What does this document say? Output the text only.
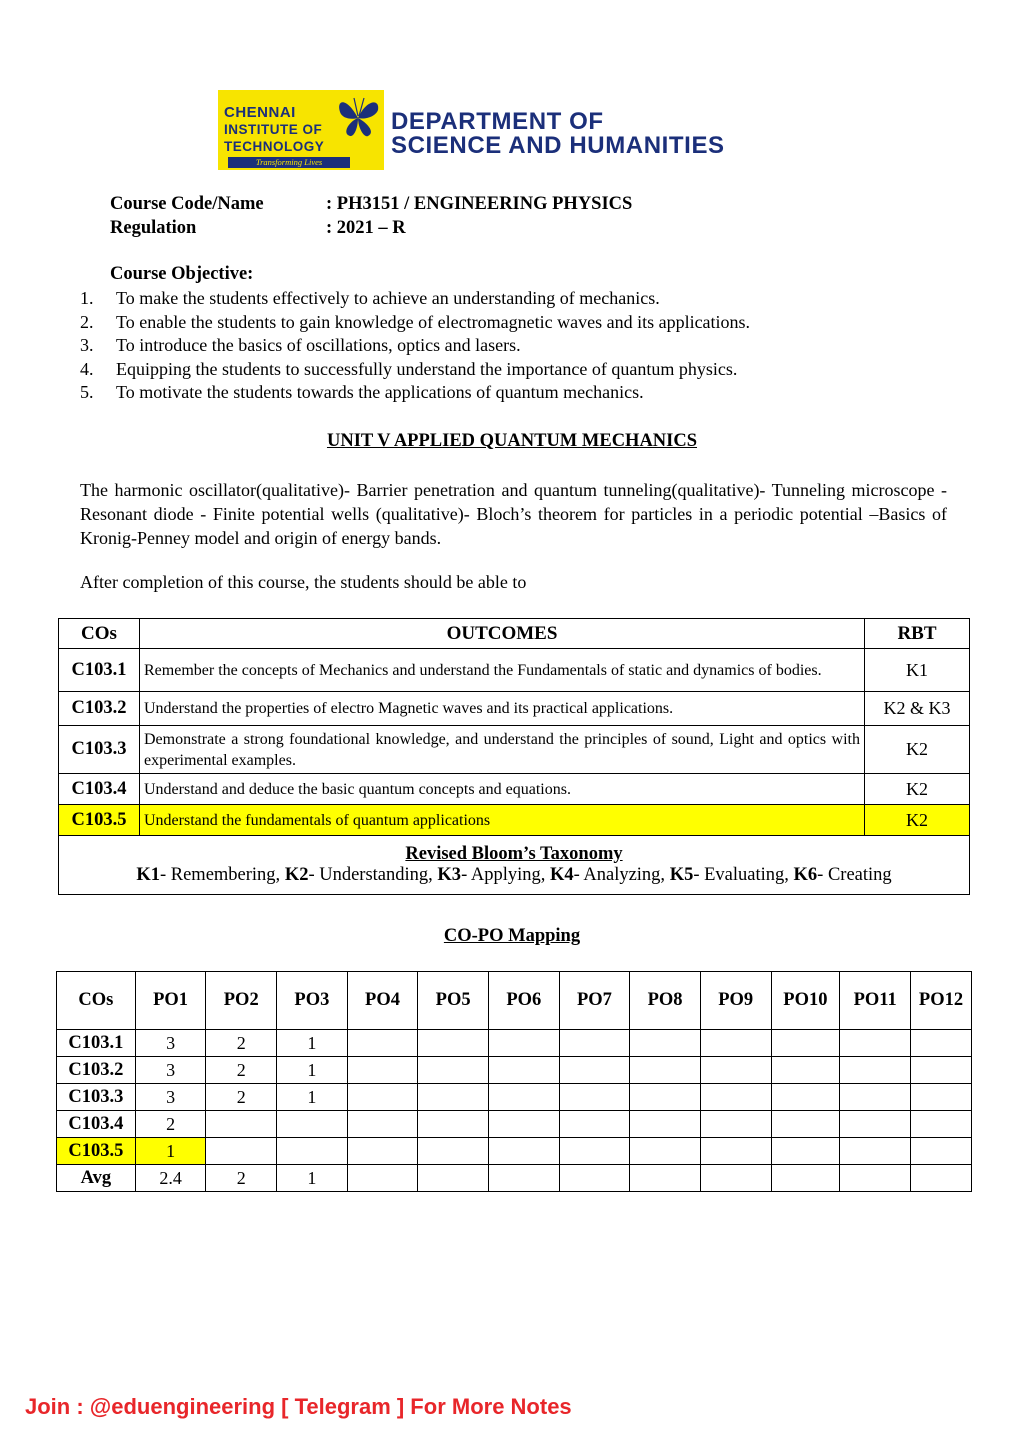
CHENNAI
INSTITUTE OF
TECHNOLOGY
Transforming Lives
DEPARTMENT OF
SCIENCE AND HUMANITIES
Course Code/Name	: PH3151 / ENGINEERING PHYSICS
Regulation	: 2021 – R
Course Objective:
1.	To make the students effectively to achieve an understanding of mechanics.
2.	To enable the students to gain knowledge of electromagnetic waves and its applications.
3.	To introduce the basics of oscillations, optics and lasers.
4.	Equipping the students to successfully understand the importance of quantum physics.
5.	To motivate the students towards the applications of quantum mechanics.
UNIT V APPLIED QUANTUM MECHANICS
The harmonic oscillator(qualitative)- Barrier penetration and quantum tunneling(qualitative)- Tunneling microscope - Resonant diode - Finite potential wells (qualitative)- Bloch’s theorem for particles in a periodic potential –Basics of Kronig-Penney model and origin of energy bands.
After completion of this course, the students should be able to
COs	OUTCOMES	RBT
C103.1	Remember the concepts of Mechanics and understand the Fundamentals of static and dynamics of bodies.	K1
C103.2	Understand the properties of electro Magnetic waves and its practical applications.	K2 & K3
C103.3	Demonstrate a strong foundational knowledge, and understand the principles of sound, Light and optics with experimental examples.	K2
C103.4	Understand and deduce the basic quantum concepts and equations.	K2
C103.5	Understand the fundamentals of quantum applications	K2

Revised Bloom’s Taxonomy
K1- Remembering, K2- Understanding, K3- Applying, K4- Analyzing, K5- Evaluating, K6- Creating		
CO-PO Mapping
COs	PO1	PO2	PO3	PO4	PO5	PO6	PO7	PO8	PO9	PO10	PO11	PO12
C103.1	3	2	1									
C103.2	3	2	1									
C103.3	3	2	1									
C103.4	2											
C103.5	1											
Avg	2.4	2	1									
Join : @eduengineering [ Telegram ] For More Notes
